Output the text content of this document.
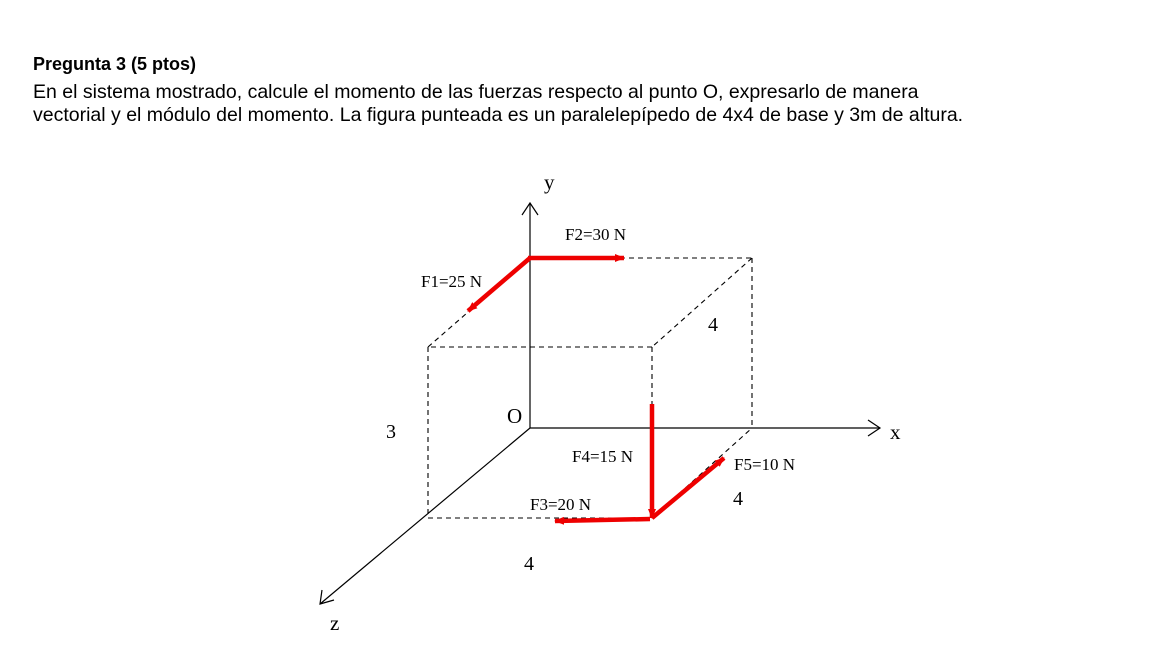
Pregunta 3 (5 ptos)
En el sistema mostrado, calcule el momento de las fuerzas respecto al punto O, expresarlo de manera
vectorial y el módulo del momento. La figura punteada es un paralelepípedo de 4x4 de base y 3m de altura.
y
x
z
O
F2=30 N
F1=25 N
F4=15 N	F5=10 N
F3=20 N
3
4
4
4
